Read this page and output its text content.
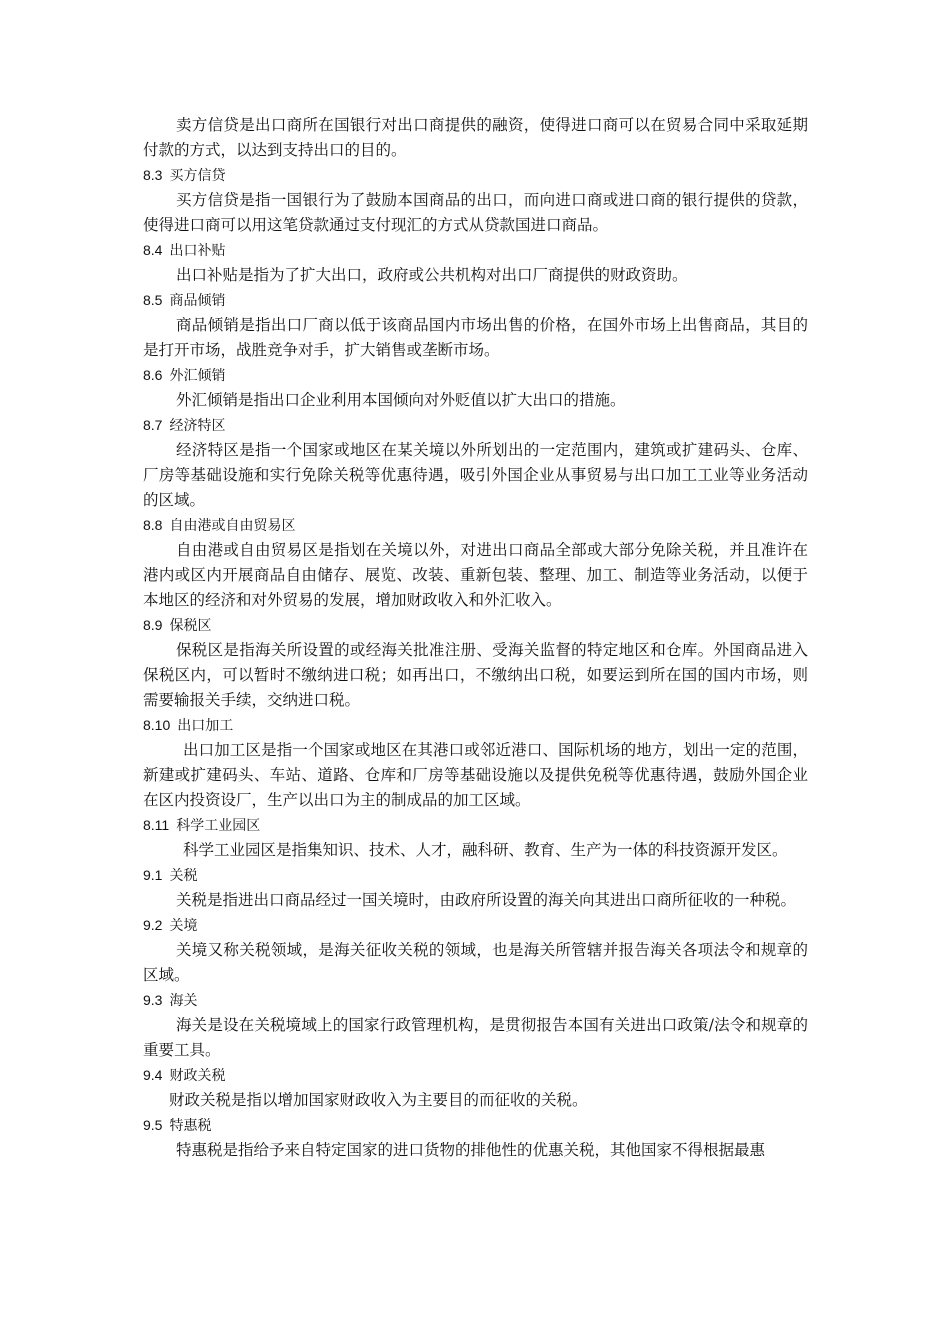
卖方信贷是出口商所在国银行对出口商提供的融资，使得进口商可以在贸易合同中采取延期付款的方式，以达到支持出口的目的。

8.3 买方信贷

买方信贷是指一国银行为了鼓励本国商品的出口，而向进口商或进口商的银行提供的贷款，使得进口商可以用这笔贷款通过支付现汇的方式从贷款国进口商品。

8.4 出口补贴

出口补贴是指为了扩大出口，政府或公共机构对出口厂商提供的财政资助。

8.5 商品倾销

商品倾销是指出口厂商以低于该商品国内市场出售的价格，在国外市场上出售商品，其目的是打开市场，战胜竞争对手，扩大销售或垄断市场。

8.6 外汇倾销

外汇倾销是指出口企业利用本国倾向对外贬值以扩大出口的措施。

8.7 经济特区

经济特区是指一个国家或地区在某关境以外所划出的一定范围内，建筑或扩建码头、仓库、厂房等基础设施和实行免除关税等优惠待遇，吸引外国企业从事贸易与出口加工工业等业务活动的区域。

8.8 自由港或自由贸易区

自由港或自由贸易区是指划在关境以外，对进出口商品全部或大部分免除关税，并且准许在港内或区内开展商品自由储存、展览、改装、重新包装、整理、加工、制造等业务活动，以便于本地区的经济和对外贸易的发展，增加财政收入和外汇收入。

8.9 保税区

保税区是指海关所设置的或经海关批准注册、受海关监督的特定地区和仓库。外国商品进入保税区内，可以暂时不缴纳进口税；如再出口，不缴纳出口税，如要运到所在国的国内市场，则需要输报关手续，交纳进口税。

8.10 出口加工

出口加工区是指一个国家或地区在其港口或邻近港口、国际机场的地方，划出一定的范围，新建或扩建码头、车站、道路、仓库和厂房等基础设施以及提供免税等优惠待遇，鼓励外国企业在区内投资设厂，生产以出口为主的制成品的加工区域。

8.11 科学工业园区

科学工业园区是指集知识、技术、人才，融科研、教育、生产为一体的科技资源开发区。

9.1 关税

关税是指进出口商品经过一国关境时，由政府所设置的海关向其进出口商所征收的一种税。

9.2 关境

关境又称关税领域，是海关征收关税的领域，也是海关所管辖并报告海关各项法令和规章的区域。

9.3 海关

海关是设在关税境域上的国家行政管理机构，是贯彻报告本国有关进出口政策/法令和规章的重要工具。

9.4 财政关税

财政关税是指以增加国家财政收入为主要目的而征收的关税。

9.5 特惠税

特惠税是指给予来自特定国家的进口货物的排他性的优惠关税，其他国家不得根据最惠
